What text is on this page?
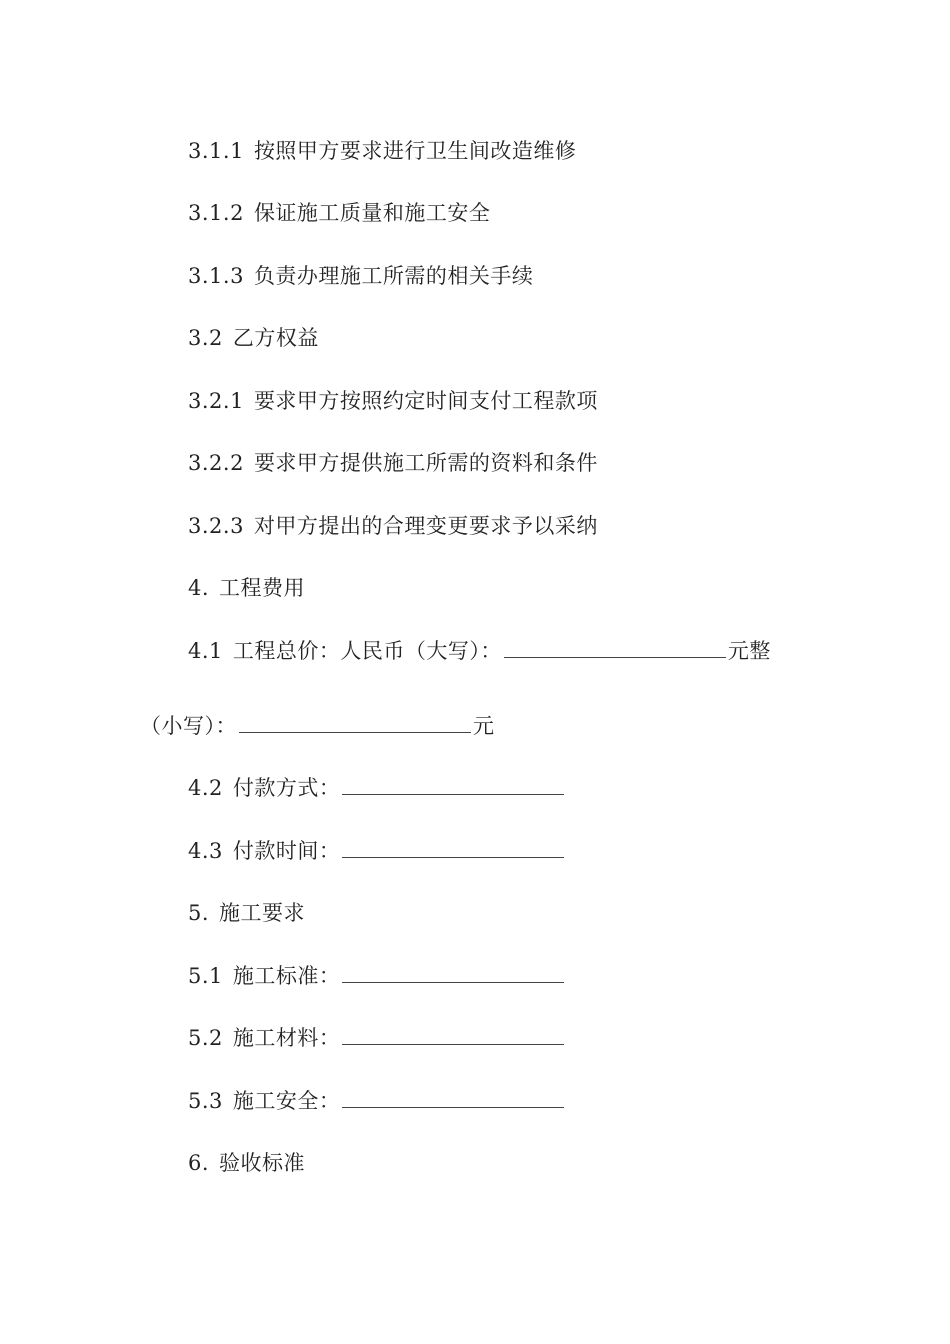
3.1.1 按照甲方要求进行卫生间改造维修
3.1.2 保证施工质量和施工安全
3.1.3 负责办理施工所需的相关手续
3.2 乙方权益
3.2.1 要求甲方按照约定时间支付工程款项
3.2.2 要求甲方提供施工所需的资料和条件
3.2.3 对甲方提出的合理变更要求予以采纳
4. 工程费用
4.1 工程总价：人民币（大写）：	元整
（小写）：	元
4.2 付款方式：
4.3 付款时间：
5. 施工要求
5.1 施工标准：
5.2 施工材料：
5.3 施工安全：
6. 验收标准
